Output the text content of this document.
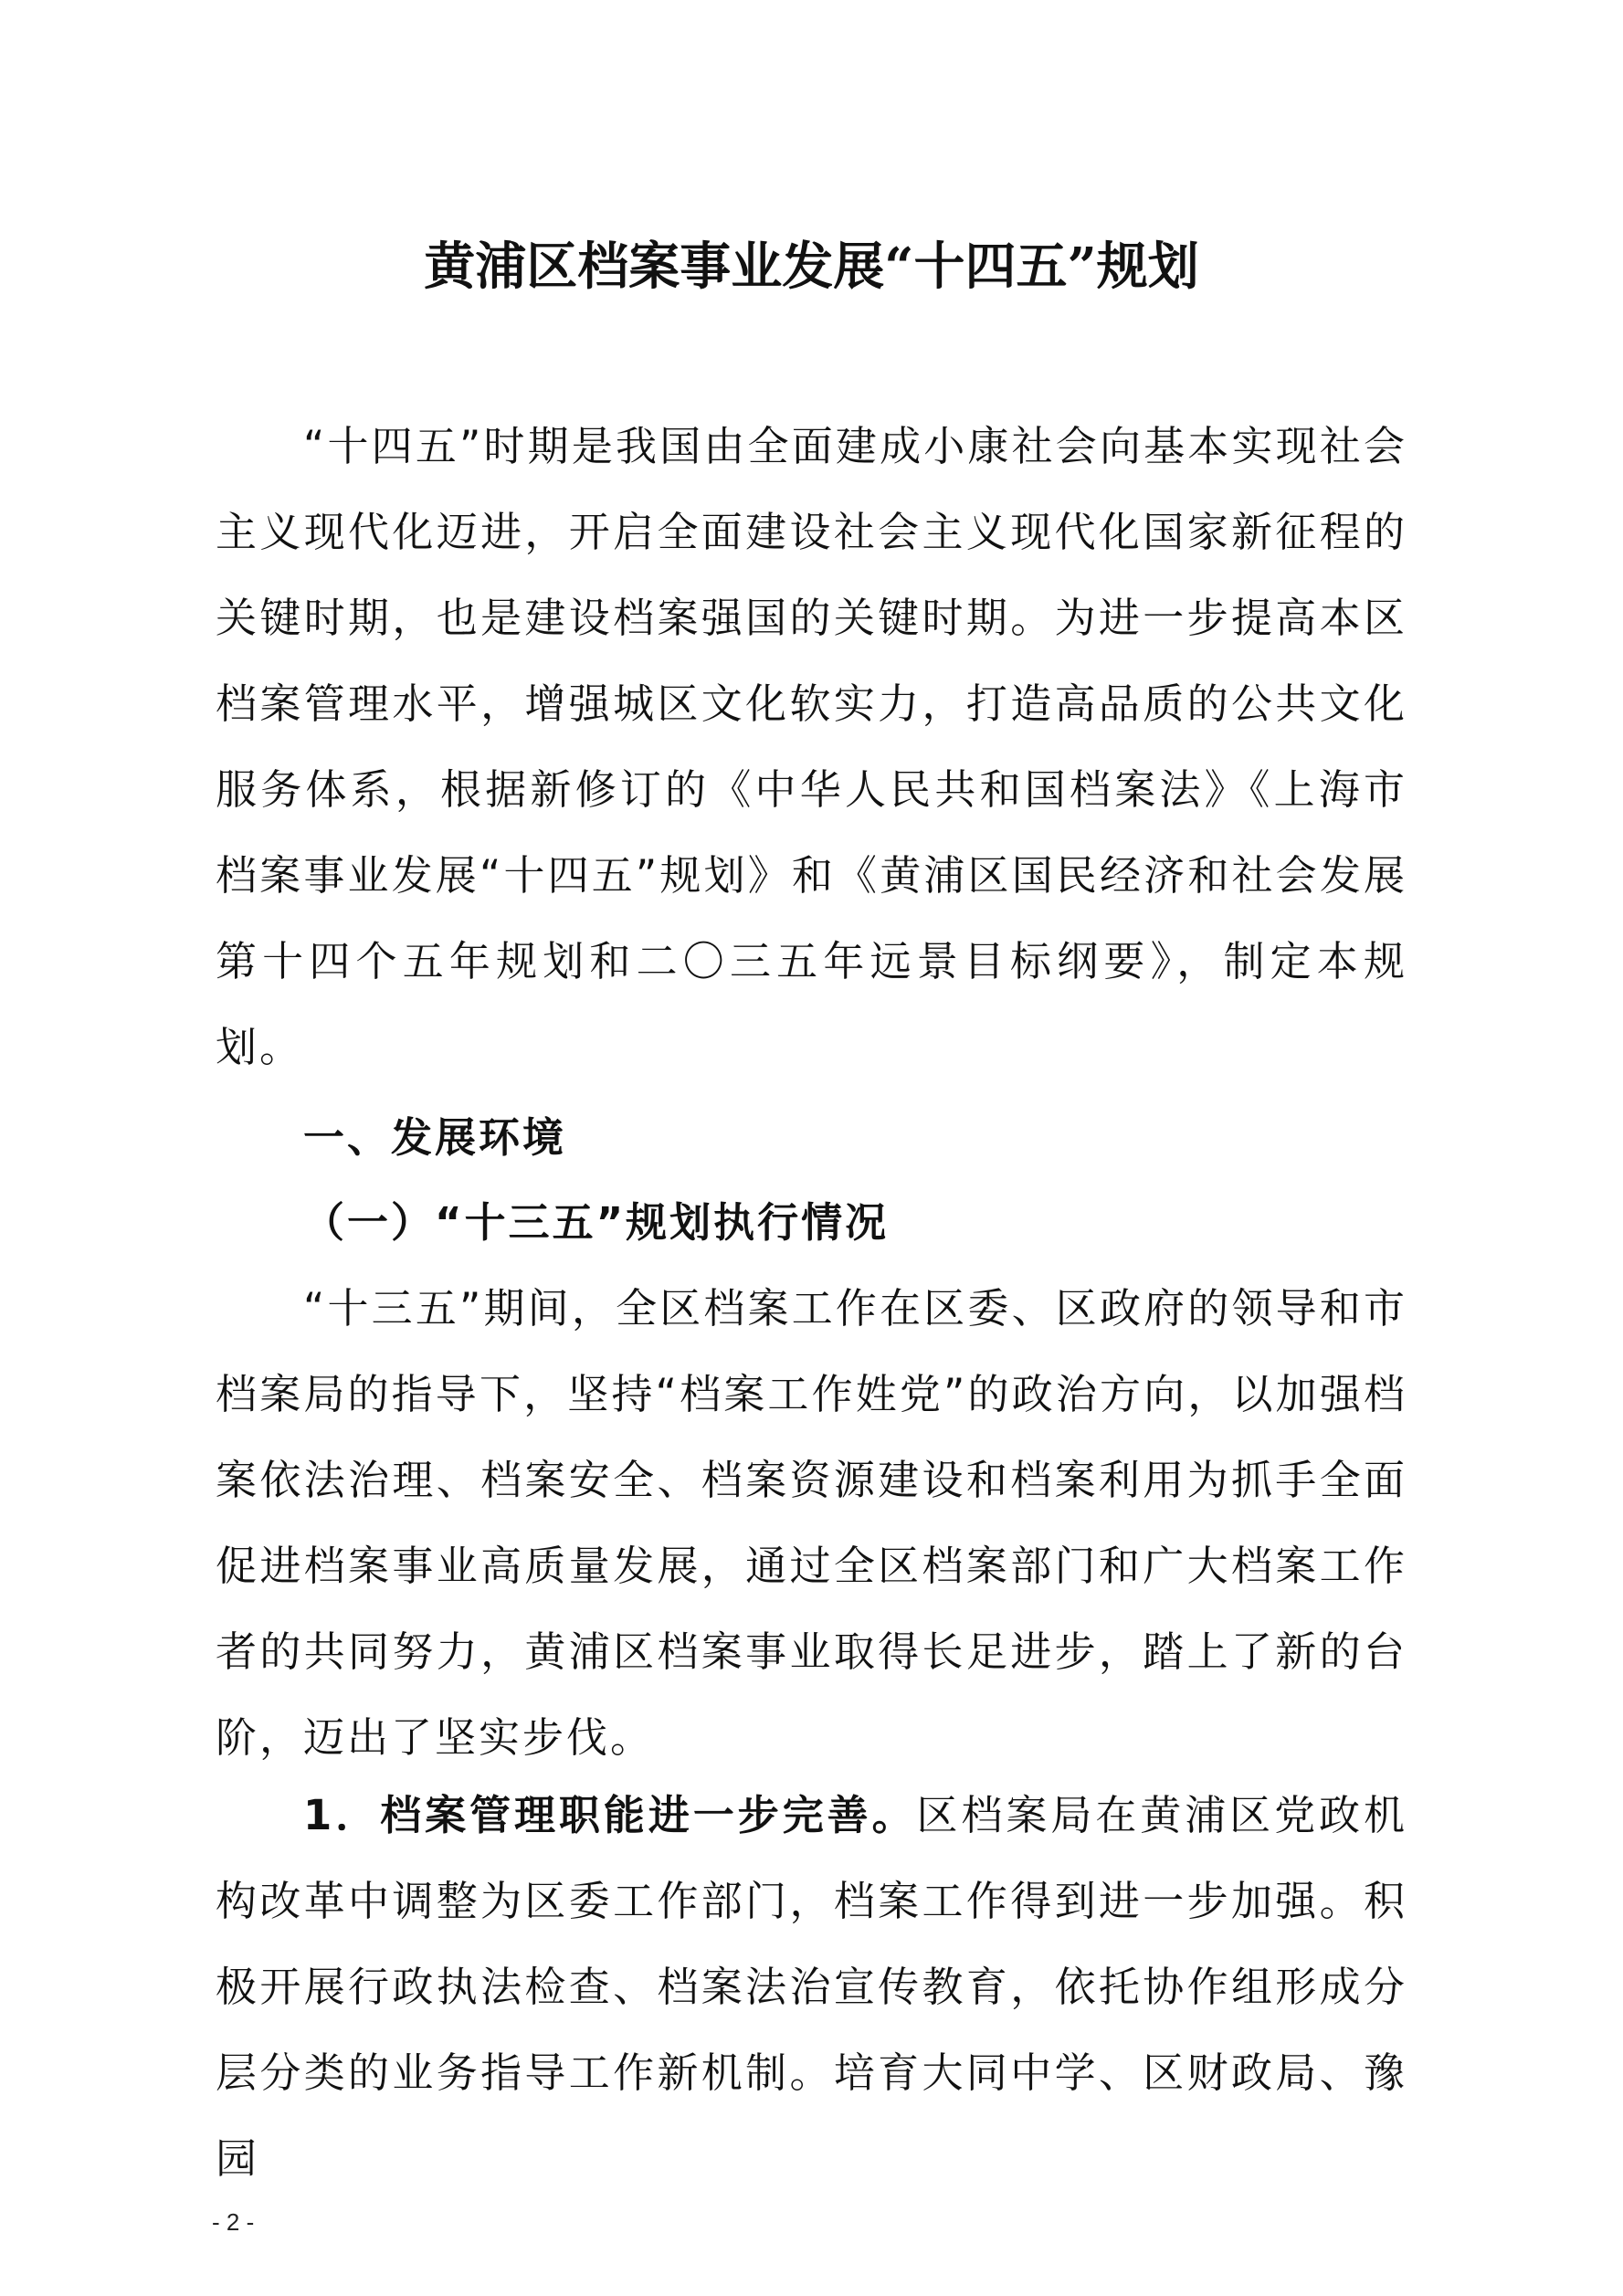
黄浦区档案事业发展“十四五”规划

“十四五”时期是我国由全面建成小康社会向基本实现社会主义现代化迈进，开启全面建设社会主义现代化国家新征程的关键时期，也是建设档案强国的关键时期。为进一步提高本区档案管理水平，增强城区文化软实力，打造高品质的公共文化服务体系，根据新修订的《中华人民共和国档案法》《上海市档案事业发展“十四五”规划》和《黄浦区国民经济和社会发展第十四个五年规划和二〇三五年远景目标纲要》，制定本规划。

一、发展环境

（一）“十三五”规划执行情况

“十三五”期间，全区档案工作在区委、区政府的领导和市档案局的指导下，坚持“档案工作姓党”的政治方向，以加强档案依法治理、档案安全、档案资源建设和档案利用为抓手全面促进档案事业高质量发展，通过全区档案部门和广大档案工作者的共同努力，黄浦区档案事业取得长足进步，踏上了新的台阶，迈出了坚实步伐。

1．档案管理职能进一步完善。区档案局在黄浦区党政机构改革中调整为区委工作部门，档案工作得到进一步加强。积极开展行政执法检查、档案法治宣传教育，依托协作组形成分层分类的业务指导工作新机制。培育大同中学、区财政局、豫园

- 2 -
